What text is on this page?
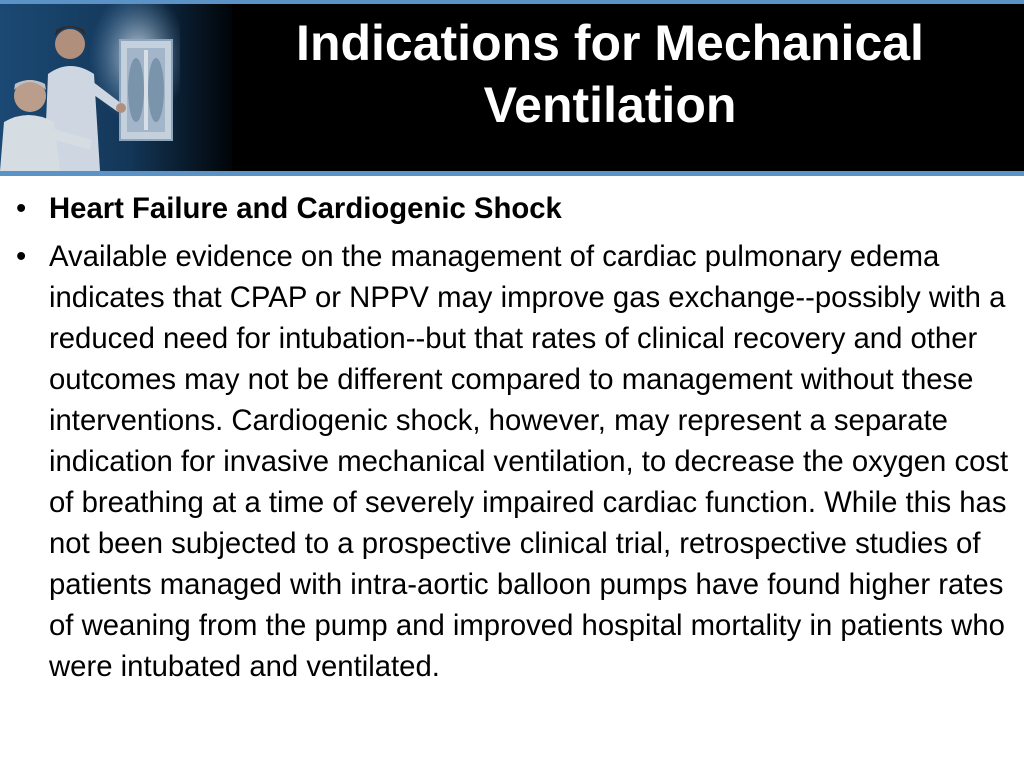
Indications for Mechanical Ventilation
• Heart Failure and Cardiogenic Shock
• Available evidence on the management of cardiac pulmonary edema indicates that CPAP or NPPV may improve gas exchange--possibly with a reduced need for intubation--but that rates of clinical recovery and other outcomes may not be different compared to management without these interventions. Cardiogenic shock, however, may represent a separate indication for invasive mechanical ventilation, to decrease the oxygen cost of breathing at a time of severely impaired cardiac function. While this has not been subjected to a prospective clinical trial, retrospective studies of patients managed with intra-aortic balloon pumps have found higher rates of weaning from the pump and improved hospital mortality in patients who were intubated and ventilated.
